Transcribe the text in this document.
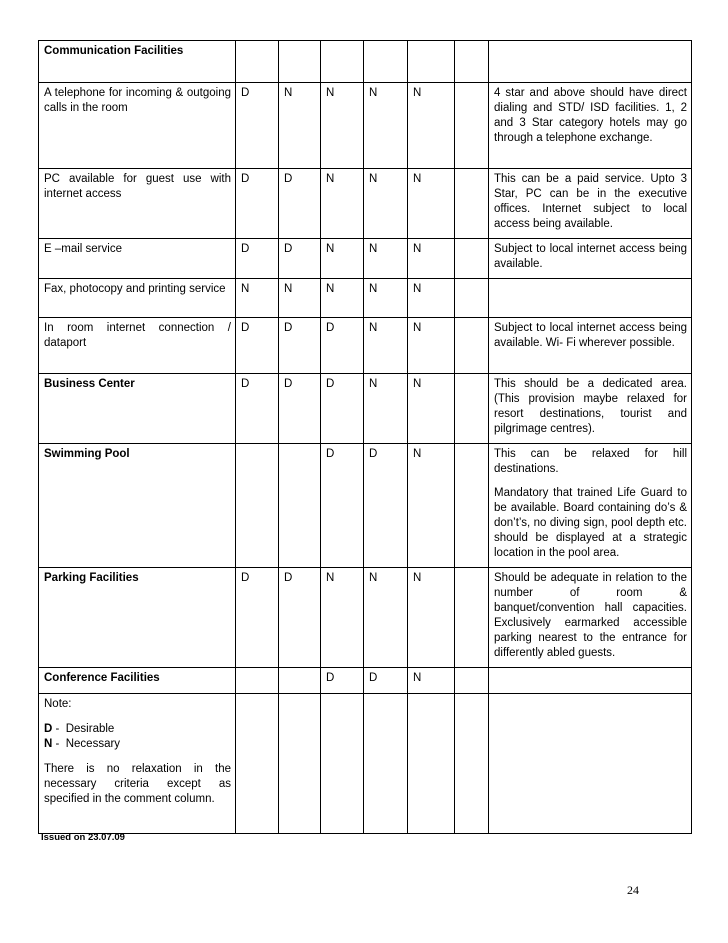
Communication Facilities							
A telephone for incoming & outgoing calls in the room	D	N	N	N	N		4 star and above should have direct dialing and STD/ ISD facilities. 1, 2 and 3 Star category hotels may go through a telephone exchange.

PC available for guest use with internet access	D	D	N	N	N		This can be a paid service. Upto 3 Star, PC can be in the executive offices. Internet subject to local access being available.

E –mail service	D	D	N	N	N		Subject to local internet access being available.

Fax, photocopy and printing service	N	N	N	N	N		
In room internet connection / dataport	D	D	D	N	N		Subject to local internet access being available. Wi- Fi wherever possible.

Business Center	D	D	D	N	N		This should be a dedicated area. (This provision maybe relaxed for resort destinations, tourist and pilgrimage centres).

Swimming Pool			D	D	N		This can be relaxed for hill destinations.
Mandatory that trained Life Guard to be available. Board containing do’s & don’t’s, no diving sign, pool depth etc. should be displayed at a strategic location in the pool area.

Parking Facilities	D	D	N	N	N		Should be adequate in relation to the number of room & banquet/convention hall capacities. Exclusively earmarked accessible parking nearest to the entrance for differently abled guests.

Conference Facilities			D	D	N		

Note:
D -  Desirable
N -  Necessary
There is no relaxation in the necessary criteria except as specified in the comment column.							

Issued on 23.07.09
24
